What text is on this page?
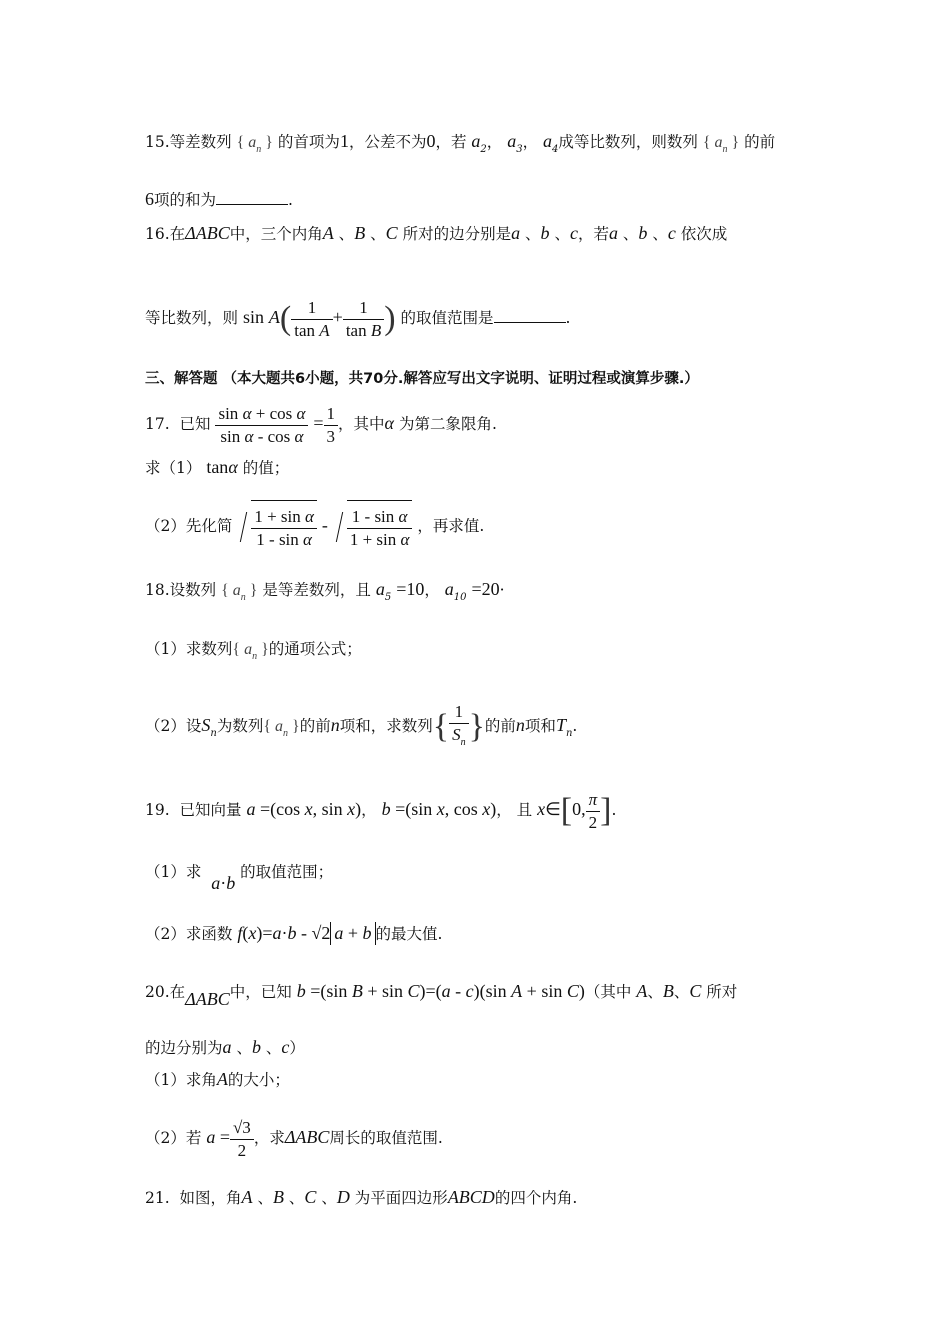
15.等差数列 { $a_n$ } 的首项为1，公差不为0，若 $a_2$， $a_3$， $a_4$成等比数列，则数列 { $a_n$ } 的前
6项的和为	.
16.在ΔABC中，三个内角A 、B 、C 所对的边分别是a 、b 、c，若a 、b 、c 依次成
等比数列，则 $\sin A( \frac{1}{\text{tan A}} + \frac{1}{\text{tan B}}$ ) 的取值范围是	.
三、解答题 （本大题共6小题，共70分.解答应写出文字说明、证明过程或演算步骤.）
17. 已知 $\frac{\text{sin α + cos α}}{\text{sin α - cos α}} = \frac{1}{3}$ ，其中α 为第二象限角.
求（1） tanα 的值；
（2）先化简 $\frac{\text{1 + sin α}}{\text{1 - sin α}} - \frac{\text{1 - sin α}}{\text{1 + sin α}}$ ，再求值.
18.设数列 { $a_n$ } 是等差数列，且 $a_5 =10$， $a_{10} =20\cdot$
（1）求数列{ $a_n$ }的通项公式；
（2）设$S_n$为数列{ $a_n$ }的前n项和，求数列{ $\frac{1}{S_n}$ }的前n项和$T_n$.
19. 已知向量 a =(cos x, sin x)， b =(sin x, cos x)， 且 x∈[0, $\frac{\pi}{2}$ ].
（1）求  a·b 的取值范围；
（2）求函数 f(x)=a·b - √2 a + b 的最大值.
20.在ΔABC中，已知 b =(sin B + sin C)=(a - c)(sin A + sin C)（其中 A、B、C 所对
的边分别为a 、b 、c）
（1）求角A的大小；
（2）若 $a = \frac{√3}{2}$ ，求ΔABC周长的取值范围.
21. 如图，角A 、B 、C 、D 为平面四边形ABCD的四个内角.
